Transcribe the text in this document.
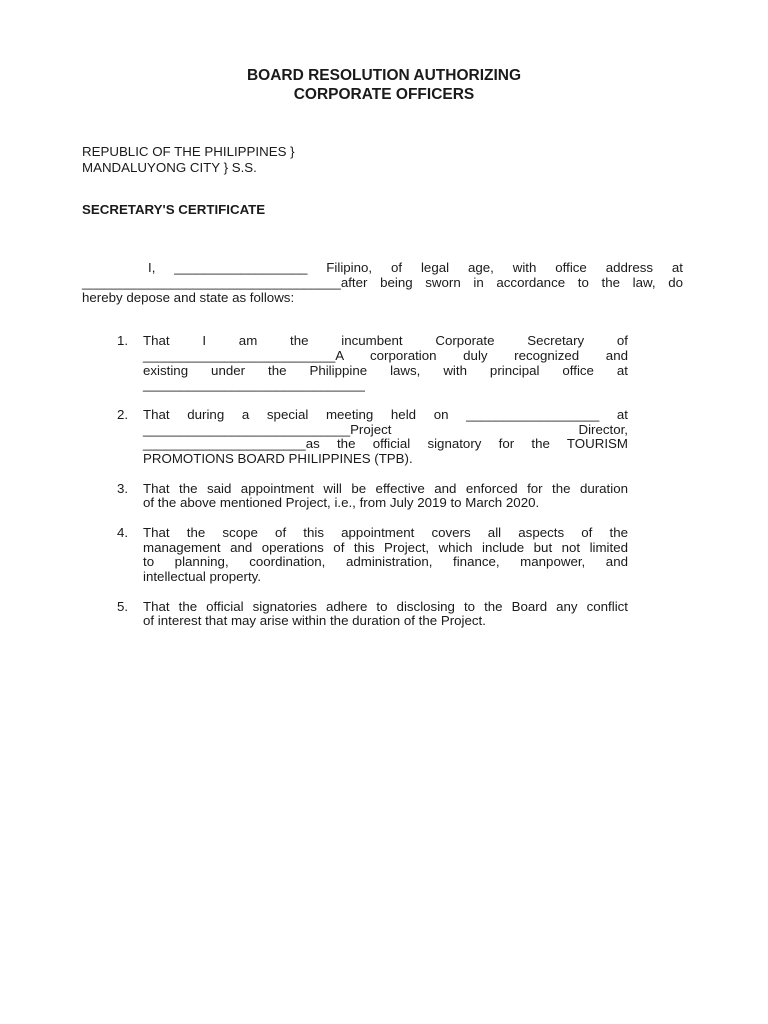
BOARD RESOLUTION AUTHORIZING
CORPORATE OFFICERS
REPUBLIC OF THE PHILIPPINES }
MANDALUYONG CITY } S.S.
SECRETARY'S CERTIFICATE

I, __________________ Filipino, of legal age, with office address at
___________________________________after being sworn in accordance to the law, do
hereby depose and state as follows:

1. That I am the incumbent Corporate Secretary of
__________________________A corporation duly recognized and
existing under the Philippine laws, with principal office at
______________________________
2. That during a special meeting held on __________________ at
____________________________Project Director,
______________________as the official signatory for the TOURISM
PROMOTIONS BOARD PHILIPPINES (TPB).
3. That the said appointment will be effective and enforced for the duration
of the above mentioned Project, i.e., from July 2019 to March 2020.
4. That the scope of this appointment covers all aspects of the
management and operations of this Project, which include but not limited
to planning, coordination, administration, finance, manpower, and
intellectual property.
5. That the official signatories adhere to disclosing to the Board any conflict
of interest that may arise within the duration of the Project.
